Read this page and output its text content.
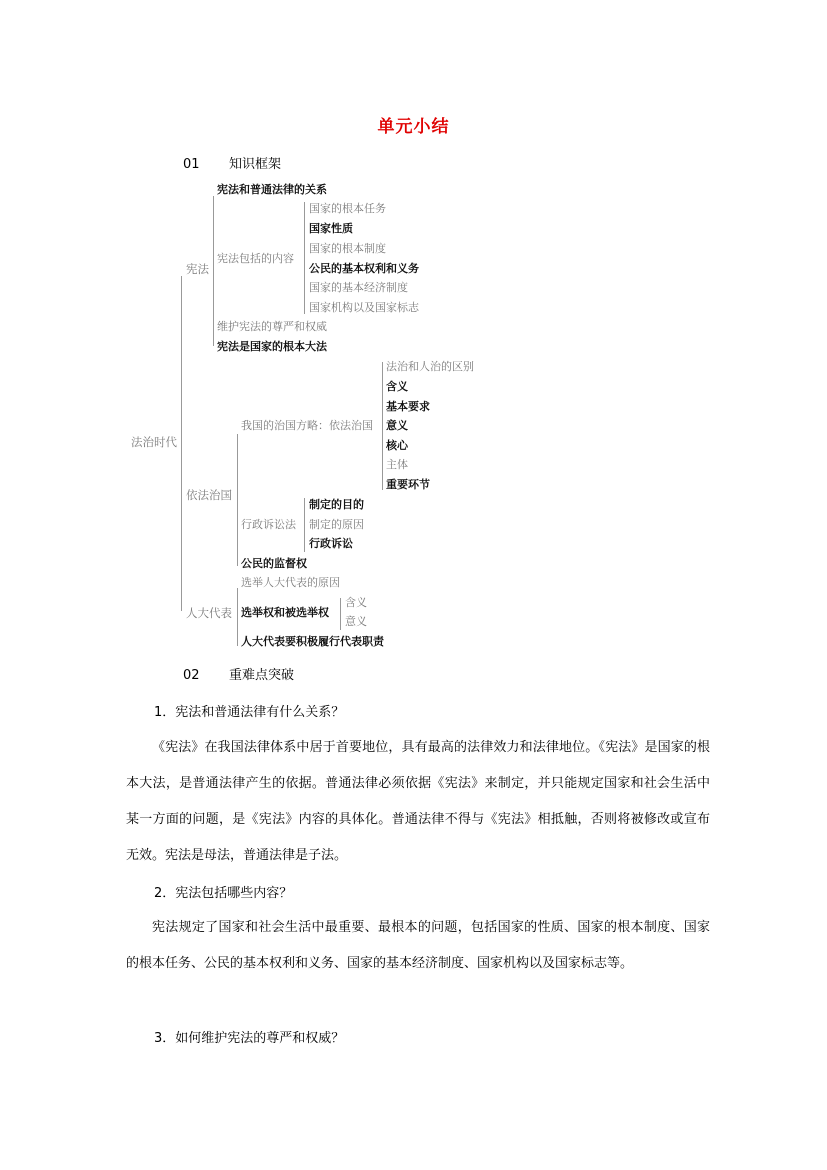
单元小结
01 知识框架
法治时代
宪法
宪法和普通法律的关系
宪法包括的内容
维护宪法的尊严和权威
宪法是国家的根本大法
国家的根本任务
国家性质
国家的根本制度
公民的基本权利和义务
国家的基本经济制度
国家机构以及国家标志
依法治国
我国的治国方略：依法治国
法治和人治的区别
含义
基本要求
意义
核心
主体
重要环节
行政诉讼法
制定的目的
制定的原因
行政诉讼
公民的监督权
人大代表
选举人大代表的原因
选举权和被选举权
人大代表要积极履行代表职责
含义
意义
02 重难点突破
1．宪法和普通法律有什么关系？
《宪法》在我国法律体系中居于首要地位，具有最高的法律效力和法律地位。《宪法》是国家的根本大法，是普通法律产生的依据。普通法律必须依据《宪法》来制定，并只能规定国家和社会生活中某一方面的问题，是《宪法》内容的具体化。普通法律不得与《宪法》相抵触，否则将被修改或宣布无效。宪法是母法，普通法律是子法。
2．宪法包括哪些内容？
宪法规定了国家和社会生活中最重要、最根本的问题，包括国家的性质、国家的根本制度、国家的根本任务、公民的基本权利和义务、国家的基本经济制度、国家机构以及国家标志等。
3．如何维护宪法的尊严和权威？
